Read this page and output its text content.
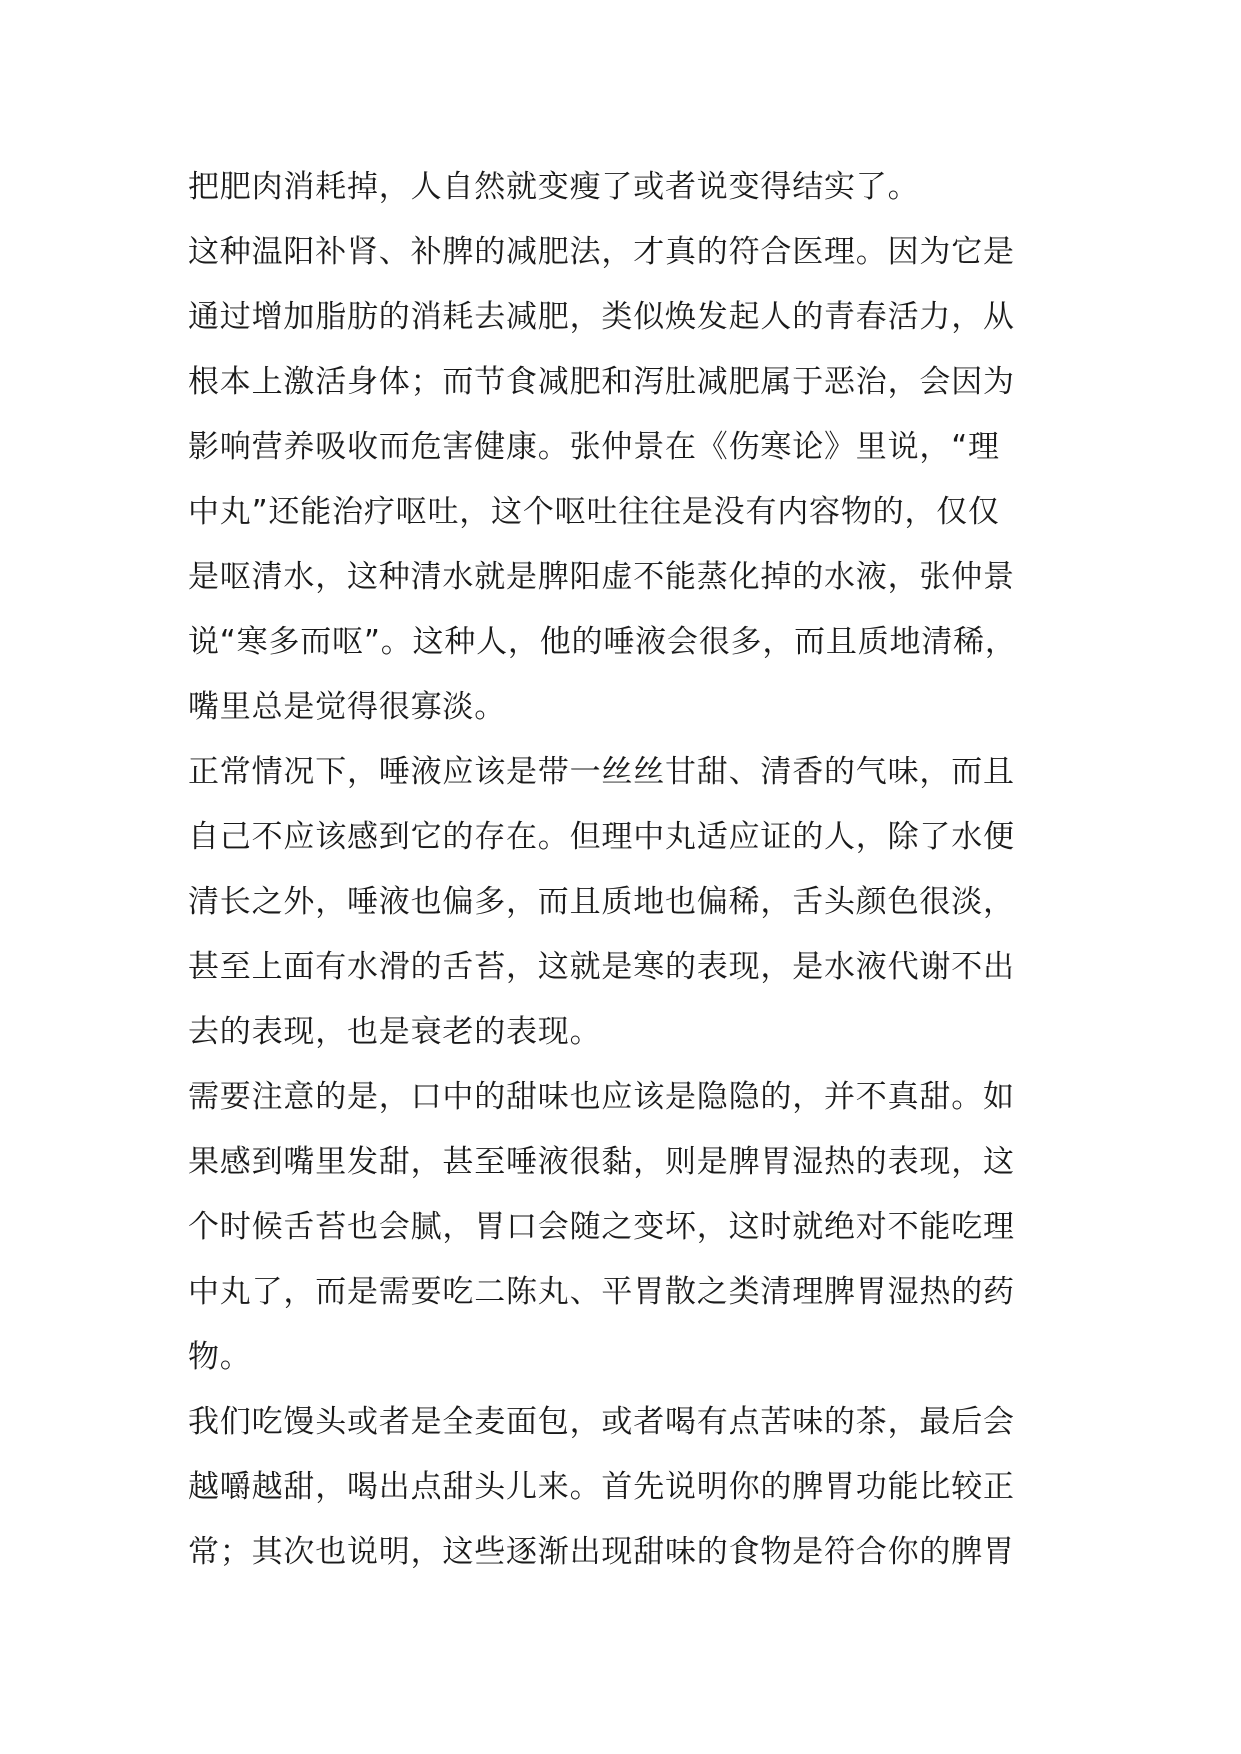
把肥肉消耗掉，人自然就变瘦了或者说变得结实了。
这种温阳补肾、补脾的减肥法，才真的符合医理。因为它是
通过增加脂肪的消耗去减肥，类似焕发起人的青春活力，从
根本上激活身体；而节食减肥和泻肚减肥属于恶治，会因为
影响营养吸收而危害健康。张仲景在《伤寒论》里说，“理
中丸”还能治疗呕吐，这个呕吐往往是没有内容物的，仅仅
是呕清水，这种清水就是脾阳虚不能蒸化掉的水液，张仲景
说“寒多而呕”。这种人，他的唾液会很多，而且质地清稀，
嘴里总是觉得很寡淡。
正常情况下，唾液应该是带一丝丝甘甜、清香的气味，而且
自己不应该感到它的存在。但理中丸适应证的人，除了水便
清长之外，唾液也偏多，而且质地也偏稀，舌头颜色很淡，
甚至上面有水滑的舌苔，这就是寒的表现，是水液代谢不出
去的表现，也是衰老的表现。
需要注意的是，口中的甜味也应该是隐隐的，并不真甜。如
果感到嘴里发甜，甚至唾液很黏，则是脾胃湿热的表现，这
个时候舌苔也会腻，胃口会随之变坏，这时就绝对不能吃理
中丸了，而是需要吃二陈丸、平胃散之类清理脾胃湿热的药
物。
我们吃馒头或者是全麦面包，或者喝有点苦味的茶，最后会
越嚼越甜，喝出点甜头儿来。首先说明你的脾胃功能比较正
常；其次也说明，这些逐渐出现甜味的食物是符合你的脾胃
